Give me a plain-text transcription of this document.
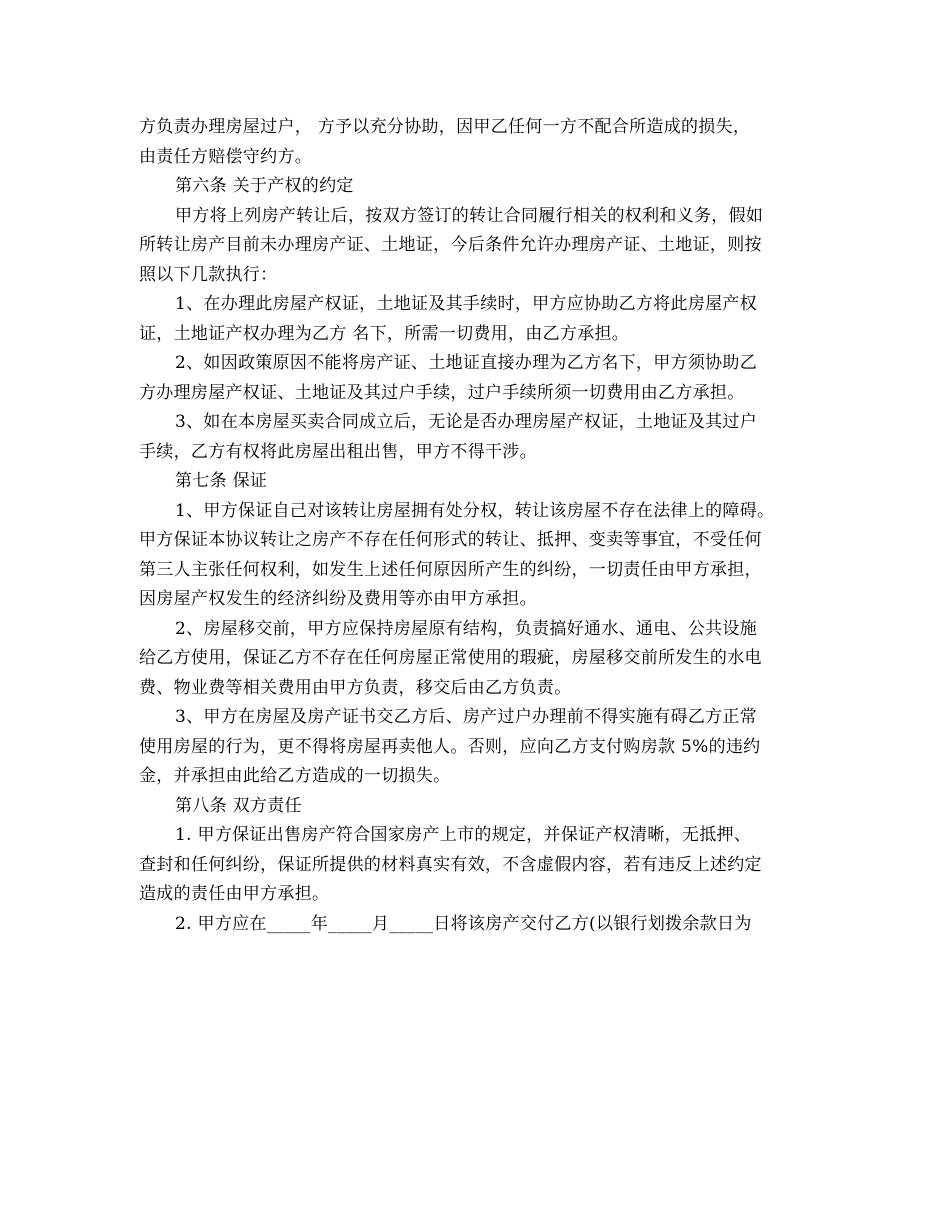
方负责办理房屋过户， 方予以充分协助，因甲乙任何一方不配合所造成的损失，
由责任方赔偿守约方。
第六条 关于产权的约定
甲方将上列房产转让后，按双方签订的转让合同履行相关的权利和义务，假如
所转让房产目前未办理房产证、土地证，今后条件允许办理房产证、土地证，则按
照以下几款执行：
1、在办理此房屋产权证，土地证及其手续时，甲方应协助乙方将此房屋产权
证，土地证产权办理为乙方 名下，所需一切费用，由乙方承担。
2、如因政策原因不能将房产证、土地证直接办理为乙方名下，甲方须协助乙
方办理房屋产权证、土地证及其过户手续，过户手续所须一切费用由乙方承担。
3、如在本房屋买卖合同成立后，无论是否办理房屋产权证，土地证及其过户
手续，乙方有权将此房屋出租出售，甲方不得干涉。
第七条 保证
1、甲方保证自己对该转让房屋拥有处分权，转让该房屋不存在法律上的障碍。
甲方保证本协议转让之房产不存在任何形式的转让、抵押、变卖等事宜，不受任何
第三人主张任何权利，如发生上述任何原因所产生的纠纷，一切责任由甲方承担，
因房屋产权发生的经济纠纷及费用等亦由甲方承担。
2、房屋移交前，甲方应保持房屋原有结构，负责搞好通水、通电、公共设施
给乙方使用，保证乙方不存在任何房屋正常使用的瑕疵，房屋移交前所发生的水电
费、物业费等相关费用由甲方负责，移交后由乙方负责。
3、甲方在房屋及房产证书交乙方后、房产过户办理前不得实施有碍乙方正常
使用房屋的行为，更不得将房屋再卖他人。否则，应向乙方支付购房款 5%的违约
金，并承担由此给乙方造成的一切损失。
第八条 双方责任
1. 甲方保证出售房产符合国家房产上市的规定，并保证产权清晰，无抵押、
查封和任何纠纷，保证所提供的材料真实有效，不含虚假内容，若有违反上述约定
造成的责任由甲方承担。
2. 甲方应在_____年_____月_____日将该房产交付乙方(以银行划拨余款日为
